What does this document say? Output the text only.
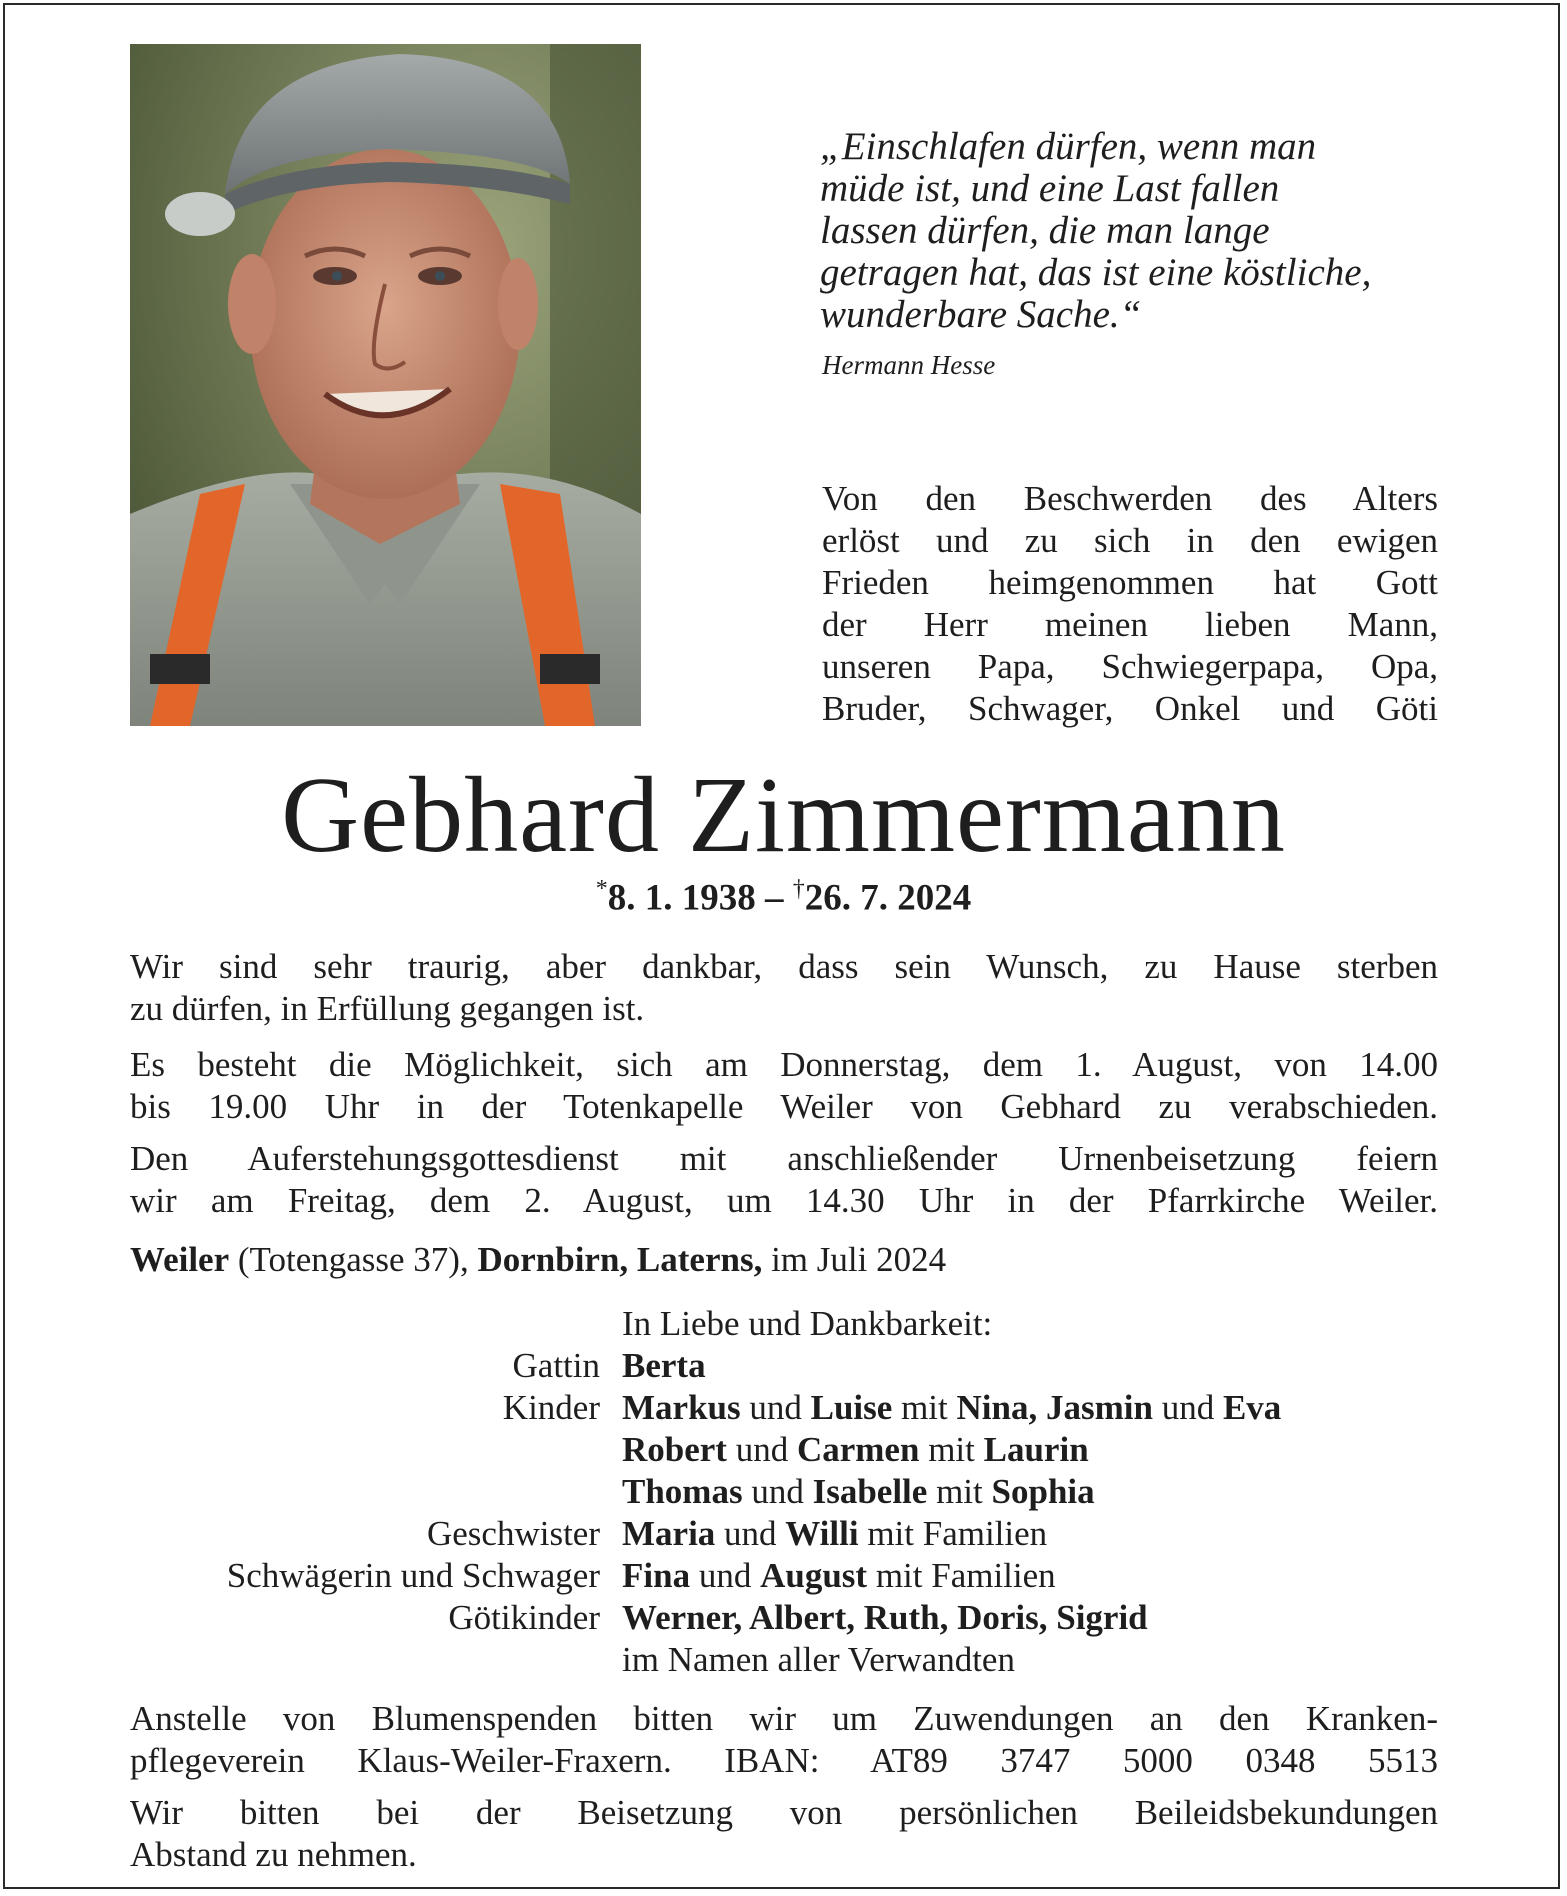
„Einschlafen dürfen, wenn man
müde ist, und eine Last fallen
lassen dürfen, die man lange
getragen hat, das ist eine köstliche,
wunderbare Sache.“
Hermann Hesse
Von den Beschwerden des Alters
erlöst und zu sich in den ewigen
Frieden heimgenommen hat Gott
der Herr meinen lieben Mann,
unseren Papa, Schwiegerpapa, Opa,
Bruder, Schwager, Onkel und Göti
Gebhard Zimmermann
*8. 1. 1938 – †26. 7. 2024
Wir sind sehr traurig, aber dankbar, dass sein Wunsch, zu Hause sterben
zu dürfen, in Erfüllung gegangen ist.
Es besteht die Möglichkeit, sich am Donnerstag, dem 1. August, von 14.00
bis 19.00 Uhr in der Totenkapelle Weiler von Gebhard zu verabschieden.
Den Auferstehungsgottesdienst mit anschließender Urnenbeisetzung feiern
wir am Freitag, dem 2. August, um 14.30 Uhr in der Pfarrkirche Weiler.
Weiler (Totengasse 37), Dornbirn, Laterns, im Juli 2024
In Liebe und Dankbarkeit:
Gattin Berta
Kinder Markus und Luise mit Nina, Jasmin und Eva
Robert und Carmen mit Laurin
Thomas und Isabelle mit Sophia
Geschwister Maria und Willi mit Familien
Schwägerin und Schwager Fina und August mit Familien
Götikinder Werner, Albert, Ruth, Doris, Sigrid
im Namen aller Verwandten
Anstelle von Blumenspenden bitten wir um Zuwendungen an den Kranken-
pflegeverein Klaus-Weiler-Fraxern. IBAN: AT89 3747 5000 0348 5513
Wir bitten bei der Beisetzung von persönlichen Beileidsbekundungen
Abstand zu nehmen.
